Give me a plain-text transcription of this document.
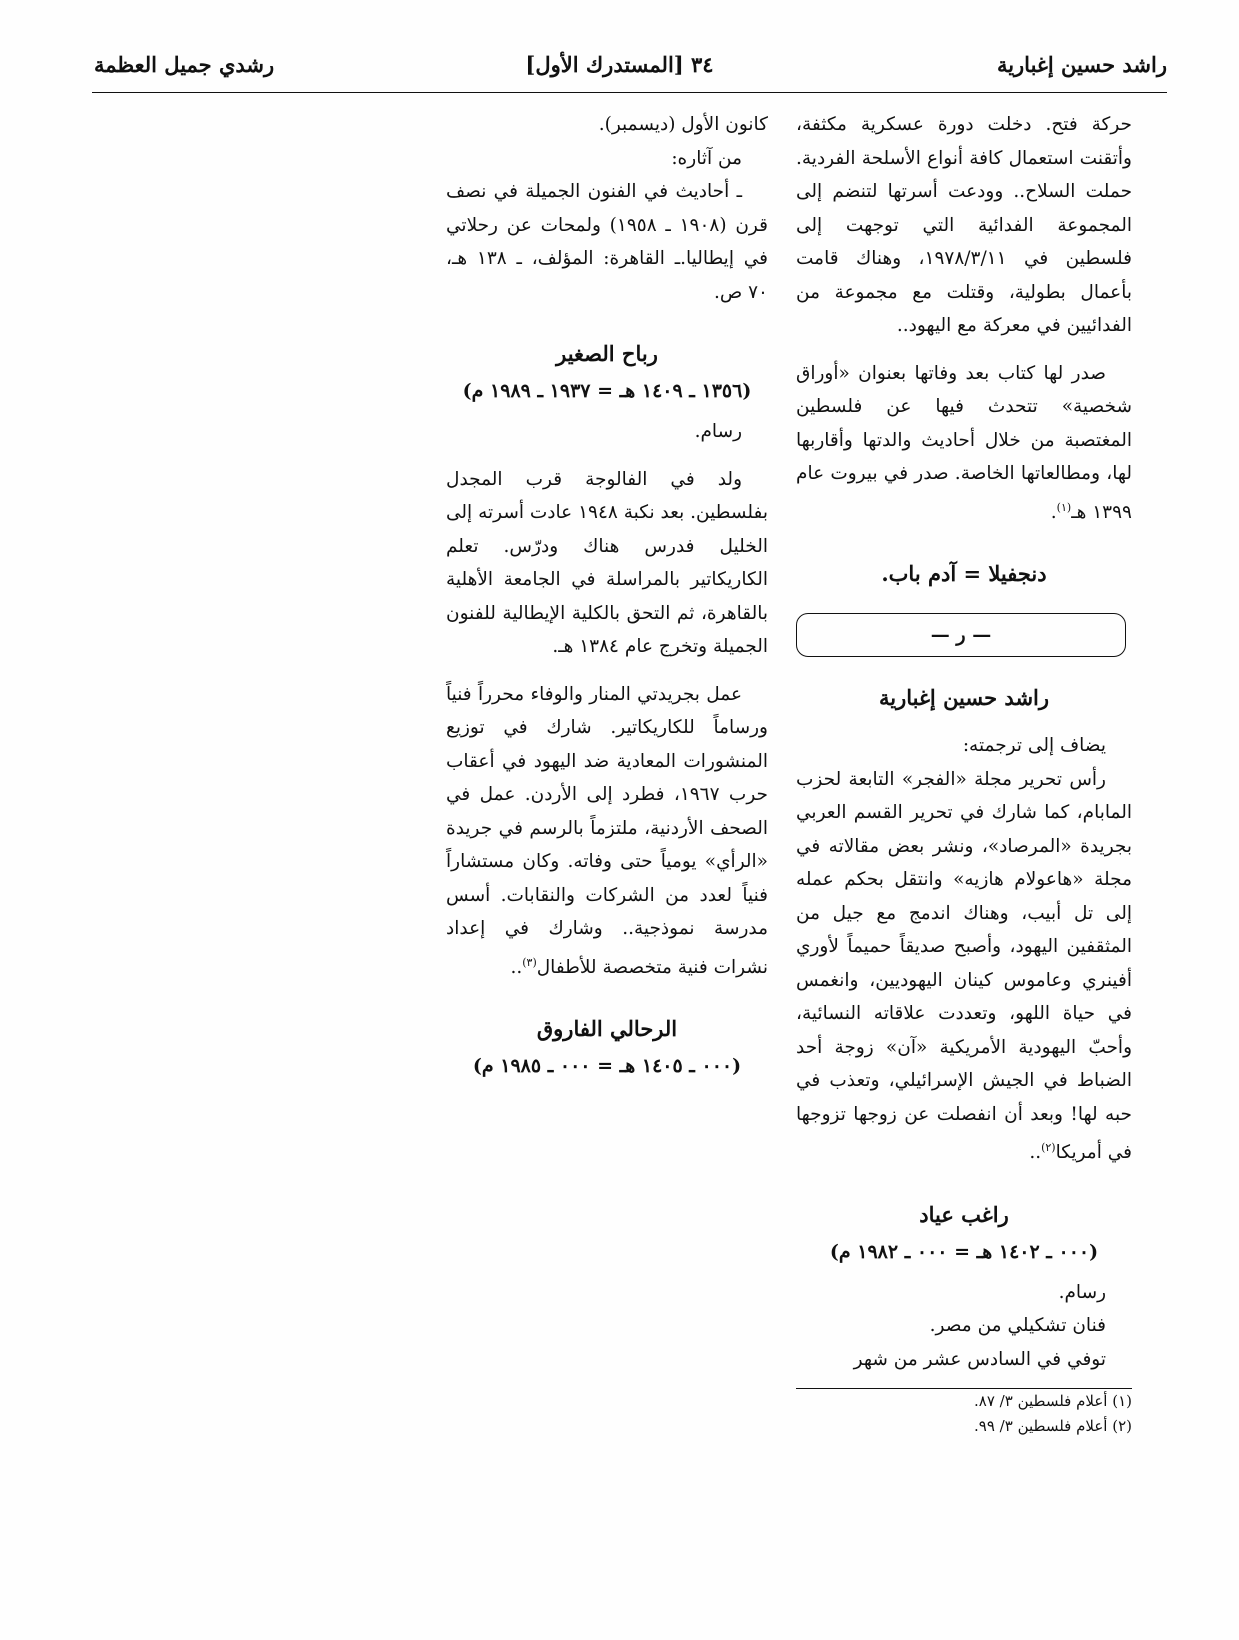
راشد حسين إغبارية
٣٤ [المستدرك الأول]
رشدي جميل العظمة

حركة فتح. دخلت دورة عسكرية مكثفة، وأتقنت استعمال كافة أنواع الأسلحة الفردية. حملت السلاح.. وودعت أسرتها لتنضم إلى المجموعة الفدائية التي توجهت إلى فلسطين في ١٩٧٨/٣/١١، وهناك قامت بأعمال بطولية، وقتلت مع مجموعة من الفدائيين في معركة مع اليهود..

صدر لها كتاب بعد وفاتها بعنوان «أوراق شخصية» تتحدث فيها عن فلسطين المغتصبة من خلال أحاديث والدتها وأقاربها لها، ومطالعاتها الخاصة. صدر في بيروت عام ١٣٩٩ هـ$^{(١)}$.

دنجفيلا = آدم باب.
— ر —
راشد حسين إغبارية

يضاف إلى ترجمته:

رأس تحرير مجلة «الفجر» التابعة لحزب المابام، كما شارك في تحرير القسم العربي بجريدة «المرصاد»، ونشر بعض مقالاته في مجلة «هاعولام هازيه» وانتقل بحكم عمله إلى تل أبيب، وهناك اندمج مع جيل من المثقفين اليهود، وأصبح صديقاً حميماً لأوري أفينري وعاموس كينان اليهوديين، وانغمس في حياة اللهو، وتعددت علاقاته النسائية، وأحبّ اليهودية الأمريكية «آن» زوجة أحد الضباط في الجيش الإسرائيلي، وتعذب في حبه لها! وبعد أن انفصلت عن زوجها تزوجها في أمريكا$^{(٢)}$..

راغب عياد
(٠٠٠ ـ ١٤٠٢ هـ = ٠٠٠ ـ ١٩٨٢ م)

رسام.

فنان تشكيلي من مصر.

توفي في السادس عشر من شهر

(١) أعلام فلسطين ٣/ ٨٧.

(٢) أعلام فلسطين ٣/ ٩٩.

كانون الأول (ديسمبر).

من آثاره:

ـ أحاديث في الفنون الجميلة في نصف قرن (١٩٠٨ ـ ١٩٥٨) ولمحات عن رحلاتي في إيطاليا.ـ القاهرة: المؤلف، ـ ١٣٨ هـ، ٧٠ ص.

رباح الصغير
(١٣٥٦ ـ ١٤٠٩ هـ = ١٩٣٧ ـ ١٩٨٩ م)

رسام.

ولد في الفالوجة قرب المجدل بفلسطين. بعد نكبة ١٩٤٨ عادت أسرته إلى الخليل فدرس هناك ودرّس. تعلم الكاريكاتير بالمراسلة في الجامعة الأهلية بالقاهرة، ثم التحق بالكلية الإيطالية للفنون الجميلة وتخرج عام ١٣٨٤ هـ.

عمل بجريدتي المنار والوفاء محرراً فنياً ورساماً للكاريكاتير. شارك في توزيع المنشورات المعادية ضد اليهود في أعقاب حرب ١٩٦٧، فطرد إلى الأردن. عمل في الصحف الأردنية، ملتزماً بالرسم في جريدة «الرأي» يومياً حتى وفاته. وكان مستشاراً فنياً لعدد من الشركات والنقابات. أسس مدرسة نموذجية.. وشارك في إعداد نشرات فنية متخصصة للأطفال$^{(٣)}$..

الرحالي الفاروق
(٠٠٠ ـ ١٤٠٥ هـ = ٠٠٠ ـ ١٩٨٥ م)
